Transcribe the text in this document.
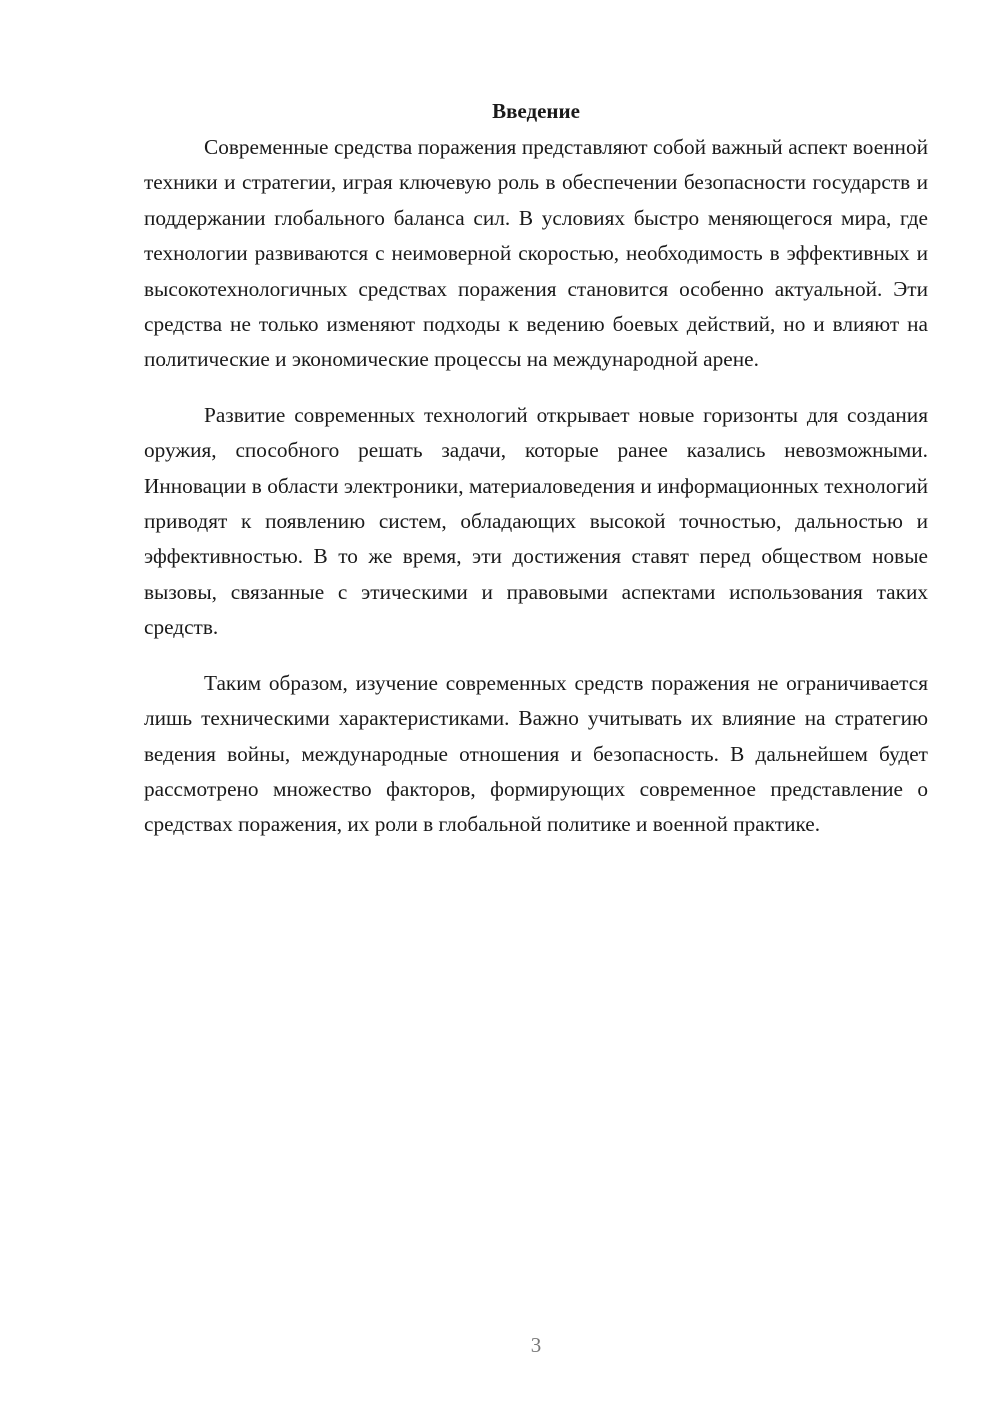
Введение

Современные средства поражения представляют собой важный аспект военной техники и стратегии, играя ключевую роль в обеспечении безопасности государств и поддержании глобального баланса сил. В условиях быстро меняющегося мира, где технологии развиваются с неимоверной скоростью, необходимость в эффективных и высокотехнологичных средствах поражения становится особенно актуальной. Эти средства не только изменяют подходы к ведению боевых действий, но и влияют на политические и экономические процессы на международной арене.

Развитие современных технологий открывает новые горизонты для создания оружия, способного решать задачи, которые ранее казались невозможными. Инновации в области электроники, материаловедения и информационных технологий приводят к появлению систем, обладающих высокой точностью, дальностью и эффективностью. В то же время, эти достижения ставят перед обществом новые вызовы, связанные с этическими и правовыми аспектами использования таких средств.

Таким образом, изучение современных средств поражения не ограничивается лишь техническими характеристиками. Важно учитывать их влияние на стратегию ведения войны, международные отношения и безопасность. В дальнейшем будет рассмотрено множество факторов, формирующих современное представление о средствах поражения, их роли в глобальной политике и военной практике.

3
